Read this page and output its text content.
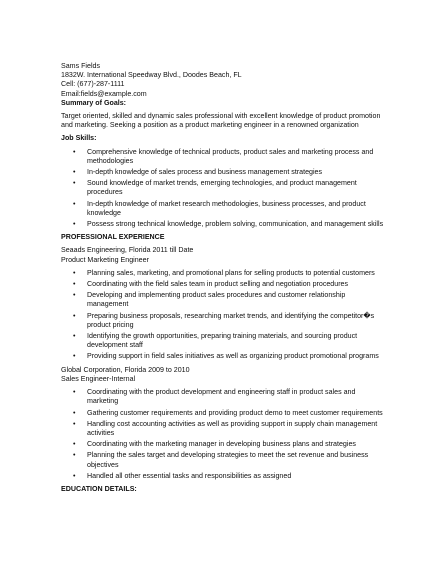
Sams Fields

1832W. International Speedway Blvd., Doodes Beach, FL

Cell: (677)-287-1111

Email:fields@example.com

Summary of Goals:

Target oriented, skilled and dynamic sales professional with excellent knowledge of product promotion and marketing. Seeking a position as a product marketing engineer in a renowned organization

Job Skills:

• Comprehensive knowledge of technical products, product sales and marketing process and methodologies
• In-depth knowledge of sales process and business management strategies
• Sound knowledge of market trends, emerging technologies, and product management procedures
• In-depth knowledge of market research methodologies, business processes, and product knowledge
• Possess strong technical knowledge, problem solving, communication, and management skills

PROFESSIONAL EXPERIENCE

Seaads Engineering, Florida 2011 till Date

Product Marketing Engineer

• Planning sales, marketing, and promotional plans for selling products to potential customers
• Coordinating with the field sales team in product selling and negotiation procedures
• Developing and implementing product sales procedures and customer relationship management
• Preparing business proposals, researching market trends, and identifying the competitor�s product pricing
• Identifying the growth opportunities, preparing training materials, and sourcing product development staff
• Providing support in field sales initiatives as well as organizing product promotional programs

Global Corporation, Florida 2009 to 2010

Sales Engineer-Internal

• Coordinating with the product development and engineering staff in product sales and marketing
• Gathering customer requirements and providing product demo to meet customer requirements
• Handling cost accounting activities as well as providing support in supply chain management activities
• Coordinating with the marketing manager in developing business plans and strategies
• Planning the sales target and developing strategies to meet the set revenue and business objectives
• Handled all other essential tasks and responsibilities as assigned

EDUCATION DETAILS:
